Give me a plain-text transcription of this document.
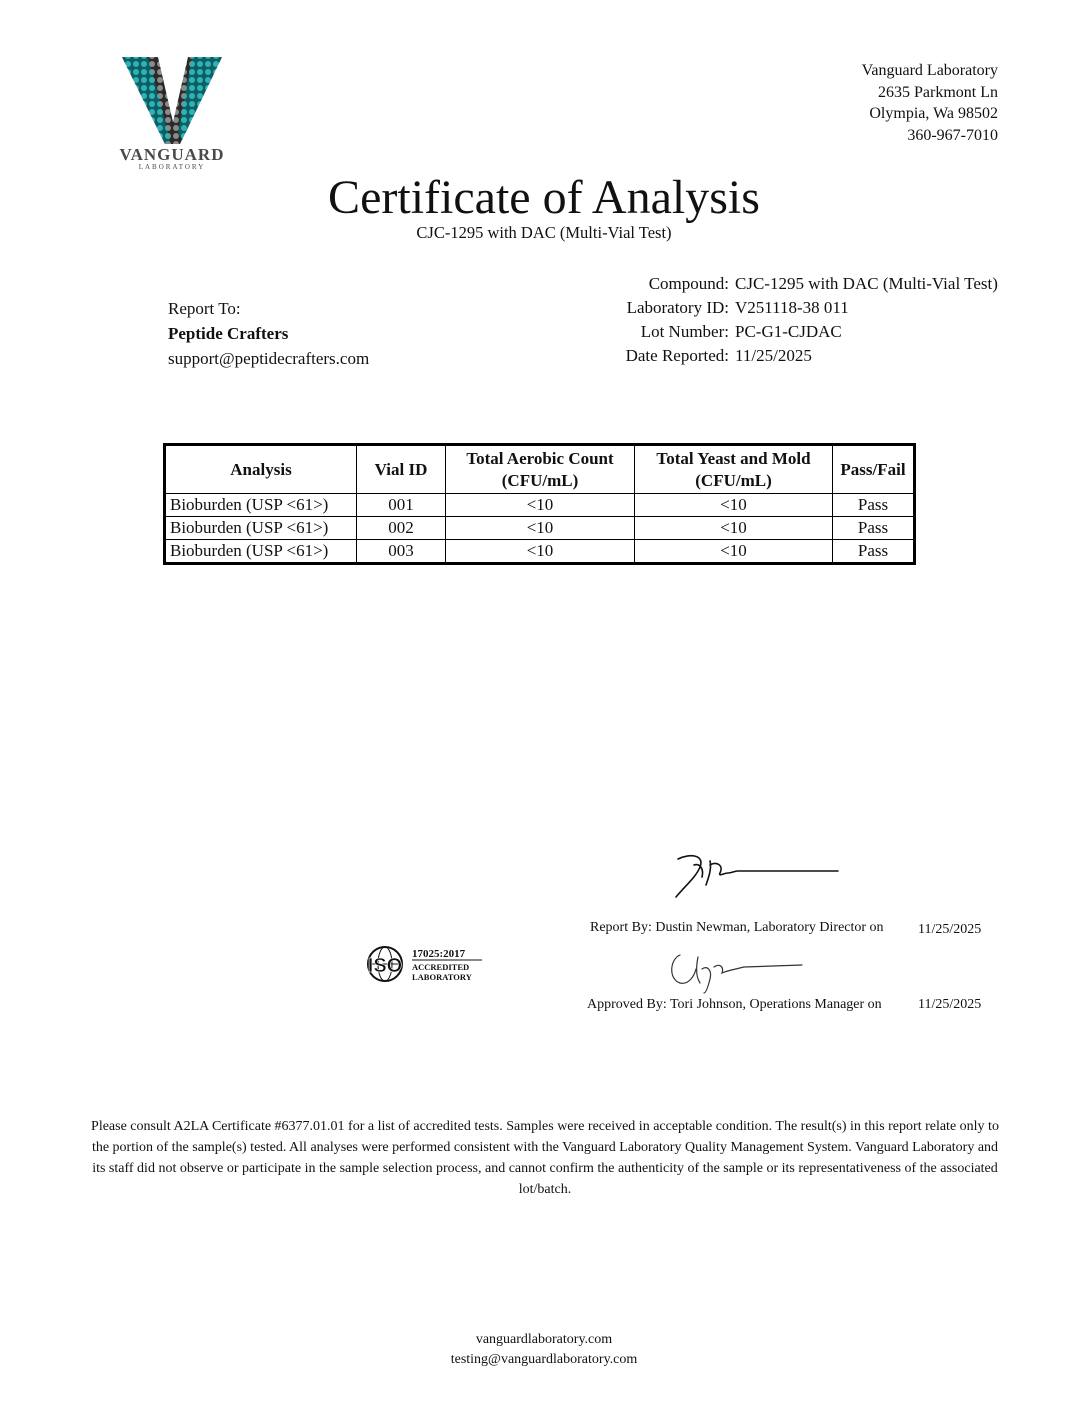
VANGUARD
LABORATORY
Vanguard Laboratory
2635 Parkmont Ln
Olympia, Wa 98502
360-967-7010
Certificate of Analysis
CJC-1295 with DAC (Multi-Vial Test)
Report To:
Peptide Crafters
support@peptidecrafters.com
Compound: CJC-1295 with DAC (Multi-Vial Test)
Laboratory ID: V251118-38 011
Lot Number: PC-G1-CJDAC
Date Reported: 11/25/2025
Analysis	Vial ID	Total Aerobic Count (CFU/mL)	Total Yeast and Mold (CFU/mL)	Pass/Fail
Bioburden (USP <61>)	001	<10	<10	Pass
Bioburden (USP <61>)	002	<10	<10	Pass
Bioburden (USP <61>)	003	<10	<10	Pass
Report By: Dustin Newman, Laboratory Director on 11/25/2025
ISO
17025:2017
ACCREDITED
LABORATORY
Approved By: Tori Johnson, Operations Manager on	11/25/2025
Please consult A2LA Certificate #6377.01.01 for a list of accredited tests. Samples were received in acceptable condition. The result(s) in this report relate only to the portion of the sample(s) tested. All analyses were performed consistent with the Vanguard Laboratory Quality Management System. Vanguard Laboratory and its staff did not observe or participate in the sample selection process, and cannot confirm the authenticity of the sample or its representativeness of the associated lot/batch.
vanguardlaboratory.com
testing@vanguardlaboratory.com
